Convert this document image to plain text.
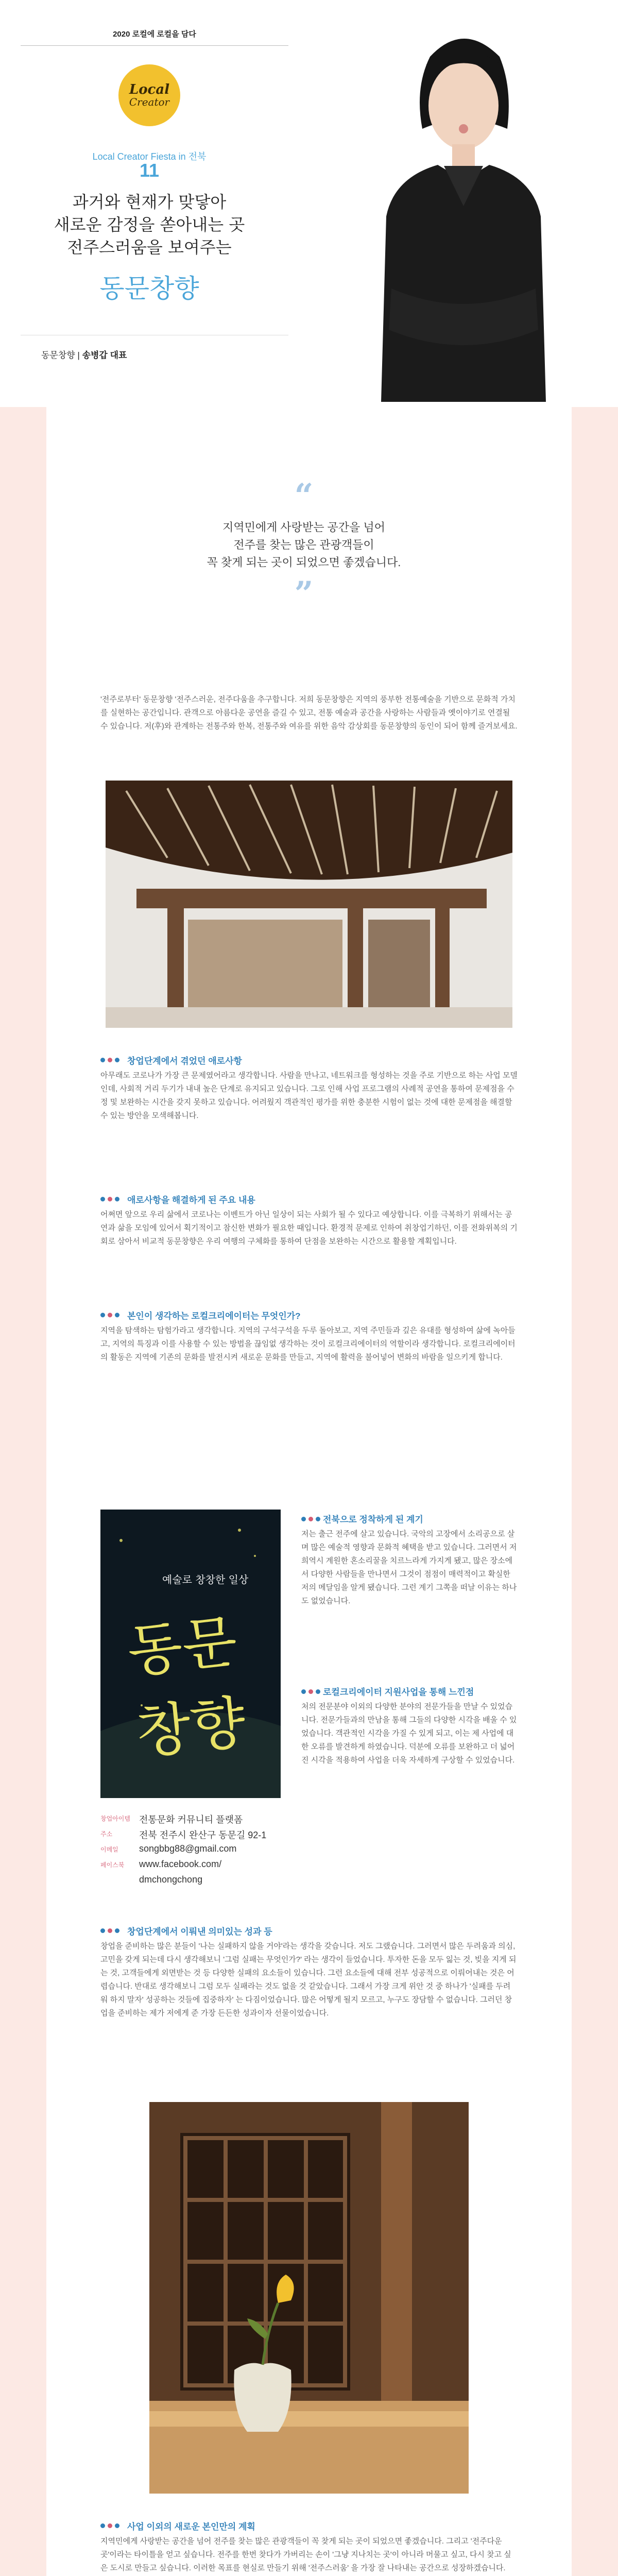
2020 로컬에 로컬을 담다
Local
Creator
Local Creator Fiesta in 전북
11
과거와 현재가 맞닿아
새로운 감정을 쏟아내는 곳
전주스러움을 보여주는
동문창향
동문창향 | 송병갑 대표
“
지역민에게 사랑받는 공간을 넘어
전주를 찾는 많은 관광객들이
꼭 찾게 되는 곳이 되었으면 좋겠습니다.
”
'전주로부터' 동문창향 '전주스러운, 전주다움을 추구합니다. 저희 동문창향은 지역의 풍부한 전통예술을 기반으로 문화적 가치를 실현하는 공간입니다. 관객으로 아름다운 공연을 즐길 수 있고, 전통 예술과 공간을 사랑하는 사람들과 옛이야기로 연결될 수 있습니다. 저(후)와 관계하는 전통주와 한복, 전통주와 여유를 위한 음악 감상회를 동문창향의 동인이 되어 함께 즐겨보세요.
창업단계에서 겪었던 애로사항
아무래도 코로나가 가장 큰 문제였어라고 생각합니다. 사람을 만나고, 네트워크를 형성하는 것을 주로 기반으로 하는 사업 모델인데, 사회적 거리 두기가 내내 높은 단계로 유지되고 있습니다. 그로 인해 사업 프로그램의 사례적 공연을 통하여 문제점을 수정 및 보완하는 시간을 갖지 못하고 있습니다. 어려웠지 객관적인 평가를 위한 충분한 시험이 없는 것에 대한 문제점을 해결할 수 있는 방안을 모색해봅니다.
애로사항을 해결하게 된 주요 내용
어쩌면 앞으로 우리 삶에서 코로나는 이벤트가 아닌 일상이 되는 사회가 될 수 있다고 예상합니다. 이를 극복하기 위해서는 공연과 삶을 모임에 있어서 획기적이고 참신한 변화가 필요한 때입니다. 환경적 문제로 인하여 취창업기하던, 이를 전화위복의 기회로 삼아서 비교적 동문창향은 우리 여행의 구체화를 통하여 단점을 보완하는 시간으로 활용할 계획입니다.
본인이 생각하는 로컬크리에이터는 무엇인가?
지역을 탐색하는 탐험가라고 생각합니다. 지역의 구석구석을 두루 돌아보고, 지역 주민들과 깊은 유대를 형성하여 삶에 녹아들고, 지역의 특징과 이를 사용할 수 있는 방법을 끊임없 생각하는 것이 로컬크리에이터의 역할이라 생각합니다. 로컬크리에이터의 활동은 지역에 기존의 문화를 발전시켜 새로운 문화를 만들고, 지역에 활력을 불어넣어 변화의 바람을 일으키게 합니다.
예술로 창창한 일상
동문 창향
창업아이템 전통문화 커뮤니티 플랫폼
주소	전북 전주시 완산구 동문길 92-1
이메일	songbbg88@gmail.com
페이스북	www.facebook.com/
dmchongchong
전북으로 정착하게 된 계기
저는 출근 전주에 살고 있습니다. 국악의 고장에서 소리공으로 살며 많은 예술적 영향과 문화적 혜택을 받고 있습니다. 그러면서 저희역시 계원한 혼소리꿀을 치르느라게 가지게 됐고, 많은 장소에서 다양한 사람들을 만나면서 그것이 점점이 매력적이고 확실한 저의 메달임을 알게 됐습니다. 그런 계기 그쪽을 떠날 이유는 하나도 없었습니다.
로컬크리에이터 지원사업을 통해 느낀점
처의 전문분야 이외의 다양한 분야의 전문가들을 만날 수 있었습니다. 전문가들과의 만남을 통해 그들의 다양한 시각을 배울 수 있었습니다. 객관적인 시각을 가질 수 있게 되고, 이는 제 사업에 대한 오류를 발견하게 하였습니다. 덕분에 오류를 보완하고 더 넓어진 시각을 적용하여 사업을 더욱 자세하게 구상할 수 있었습니다.
창업단계에서 이뤄낸 의미있는 성과 등
창업을 준비하는 많은 분들이 '나는 실패하지 않을 거야'라는 생각을 갖습니다. 저도 그랬습니다. 그러면서 많은 두려움과 의심, 고민을 갖게 되는데 다시 생각해보니 '그럼 실패는 무엇인가?' 라는 생각이 들었습니다. 투자한 돈을 모두 잃는 것, 빚을 지게 되는 것, 고객들에게 외면받는 것 등 다양한 실패의 요소들이 있습니다. 그런 요소들에 대해 전부 성공적으로 이뤄어내는 것은 어렵습니다. 반대로 생각해보니 그럼 모두 실패라는 것도 없을 것 같았습니다. 그래서 가장 크게 위안 것 중 하나가 '실패를 두려워 하지 말자' 성공하는 것들에 집중하자' 는 다짐이었습니다. 많은 어떻게 될지 모르고, 누구도 장담할 수 없습니다. 그러던 창업을 준비하는 제가 저에게 준 가장 든든한 성과이자 선물이었습니다.
사업 이외의 새로운 본인만의 계획
지역민에게 사랑받는 공간을 넘어 전주를 찾는 많은 관광객들이 꼭 찾게 되는 곳이 되었으면 좋겠습니다. 그리고 '전주다운 곳'이라는 타이틀을 얻고 싶습니다. 전주를 한번 찾다가 가버리는 손이 '그냥 지나치는 곳'이 아니라 머물고 싶고, 다시 찾고 싶은 도시로 만들고 싶습니다. 이러한 목표를 현실로 만들기 위해 '전주스러움' 을 가장 잘 나타내는 공간으로 성장하겠습니다.
